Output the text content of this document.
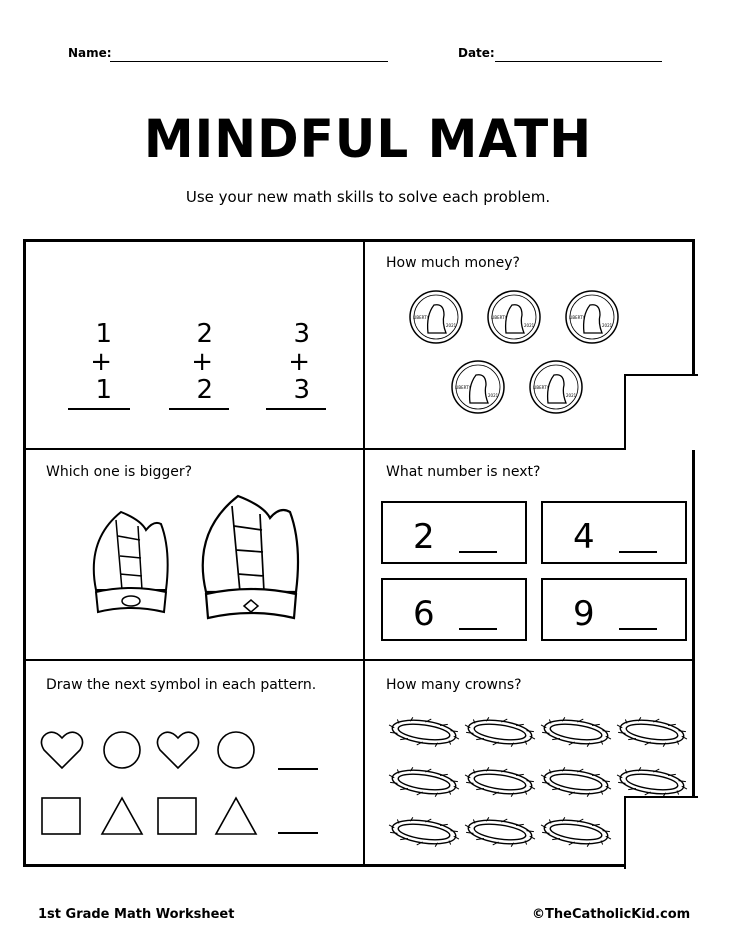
Name:	Date:
MINDFUL MATH
Use your new math skills to solve each problem.
1
+ 1
2
+ 2
3
+ 3
How much money?
LIBERTY
2021
LIBERTY
2021
LIBERTY
2021
LIBERTY
2021
LIBERTY
2021
Which one is bigger?	What number is next?
2	4
6	9
Draw the next symbol in each pattern.	How many crowns?
1st Grade Math Worksheet	©TheCatholicKid.com
